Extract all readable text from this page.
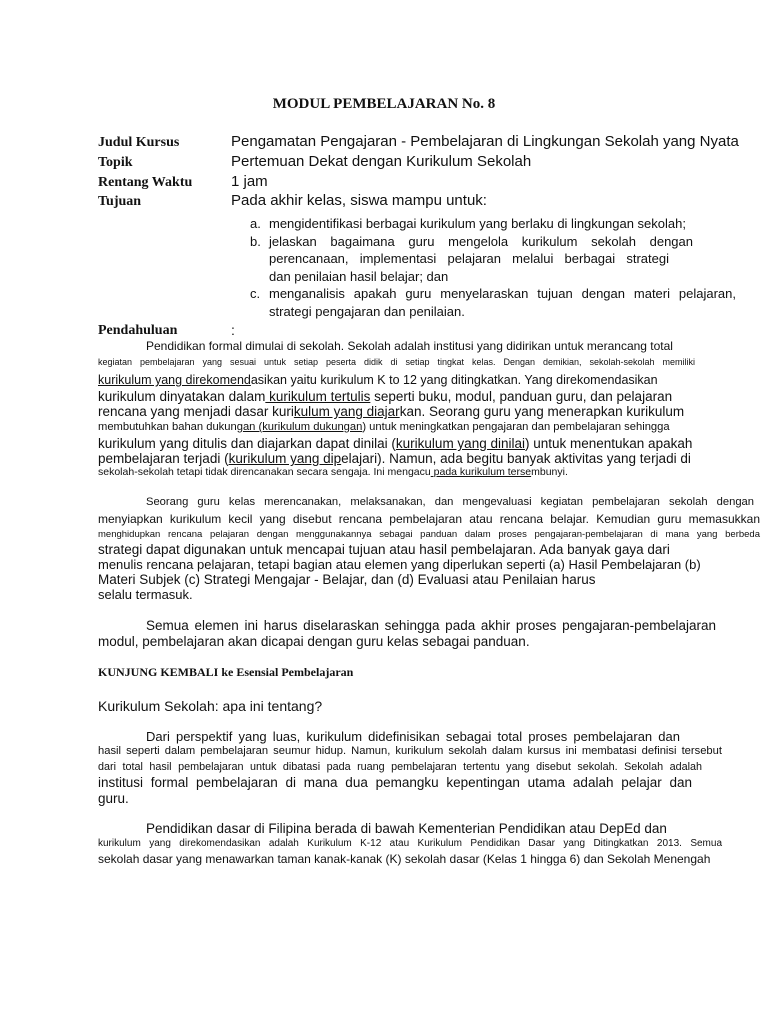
MODUL PEMBELAJARAN No. 8
Judul Kursus	Pengamatan Pengajaran - Pembelajaran di Lingkungan Sekolah yang Nyata
Topik	Pertemuan Dekat dengan Kurikulum Sekolah
Rentang Waktu	1 jam
Tujuan	Pada akhir kelas, siswa mampu untuk:
a. mengidentifikasi berbagai kurikulum yang berlaku di lingkungan sekolah;
b. jelaskan bagaimana guru mengelola kurikulum sekolah dengan
perencanaan, implementasi pelajaran melalui berbagai strategi
dan penilaian hasil belajar; dan
c. menganalisis apakah guru menyelaraskan tujuan dengan materi pelajaran,
strategi pengajaran dan penilaian.
Pendahuluan	:
Pendidikan formal dimulai di sekolah. Sekolah adalah institusi yang didirikan untuk merancang total
kegiatan pembelajaran yang sesuai untuk setiap peserta didik di setiap tingkat kelas. Dengan demikian, sekolah-sekolah memiliki
kurikulum yang direkomendasikan yaitu kurikulum K to 12 yang ditingkatkan. Yang direkomendasikan
kurikulum dinyatakan dalam kurikulum tertulis seperti buku, modul, panduan guru, dan pelajaran
rencana yang menjadi dasar kurikulum yang diajarkan. Seorang guru yang menerapkan kurikulum
membutuhkan bahan dukungan (kurikulum dukungan) untuk meningkatkan pengajaran dan pembelajaran sehingga
kurikulum yang ditulis dan diajarkan dapat dinilai (kurikulum yang dinilai) untuk menentukan apakah
pembelajaran terjadi (kurikulum yang dipelajari). Namun, ada begitu banyak aktivitas yang terjadi di
sekolah-sekolah tetapi tidak direncanakan secara sengaja. Ini mengacu pada kurikulum tersembunyi.
Seorang guru kelas merencanakan, melaksanakan, dan mengevaluasi kegiatan pembelajaran sekolah dengan
menyiapkan kurikulum kecil yang disebut rencana pembelajaran atau rencana belajar. Kemudian guru memasukkan
menghidupkan rencana pelajaran dengan menggunakannya sebagai panduan dalam proses pengajaran-pembelajaran di mana yang berbeda
strategi dapat digunakan untuk mencapai tujuan atau hasil pembelajaran. Ada banyak gaya dari
menulis rencana pelajaran, tetapi bagian atau elemen yang diperlukan seperti (a) Hasil Pembelajaran (b)
Materi Subjek (c) Strategi Mengajar - Belajar, dan (d) Evaluasi atau Penilaian harus
selalu termasuk.
Semua elemen ini harus diselaraskan sehingga pada akhir proses pengajaran-pembelajaran
modul, pembelajaran akan dicapai dengan guru kelas sebagai panduan.
KUNJUNG KEMBALI ke Esensial Pembelajaran
Kurikulum Sekolah: apa ini tentang?
Dari perspektif yang luas, kurikulum didefinisikan sebagai total proses pembelajaran dan
hasil seperti dalam pembelajaran seumur hidup. Namun, kurikulum sekolah dalam kursus ini membatasi definisi tersebut
dari total hasil pembelajaran untuk dibatasi pada ruang pembelajaran tertentu yang disebut sekolah. Sekolah adalah
institusi formal pembelajaran di mana dua pemangku kepentingan utama adalah pelajar dan
guru.
Pendidikan dasar di Filipina berada di bawah Kementerian Pendidikan atau DepEd dan
kurikulum yang direkomendasikan adalah Kurikulum K-12 atau Kurikulum Pendidikan Dasar yang Ditingkatkan 2013. Semua
sekolah dasar yang menawarkan taman kanak-kanak (K) sekolah dasar (Kelas 1 hingga 6) dan Sekolah Menengah
